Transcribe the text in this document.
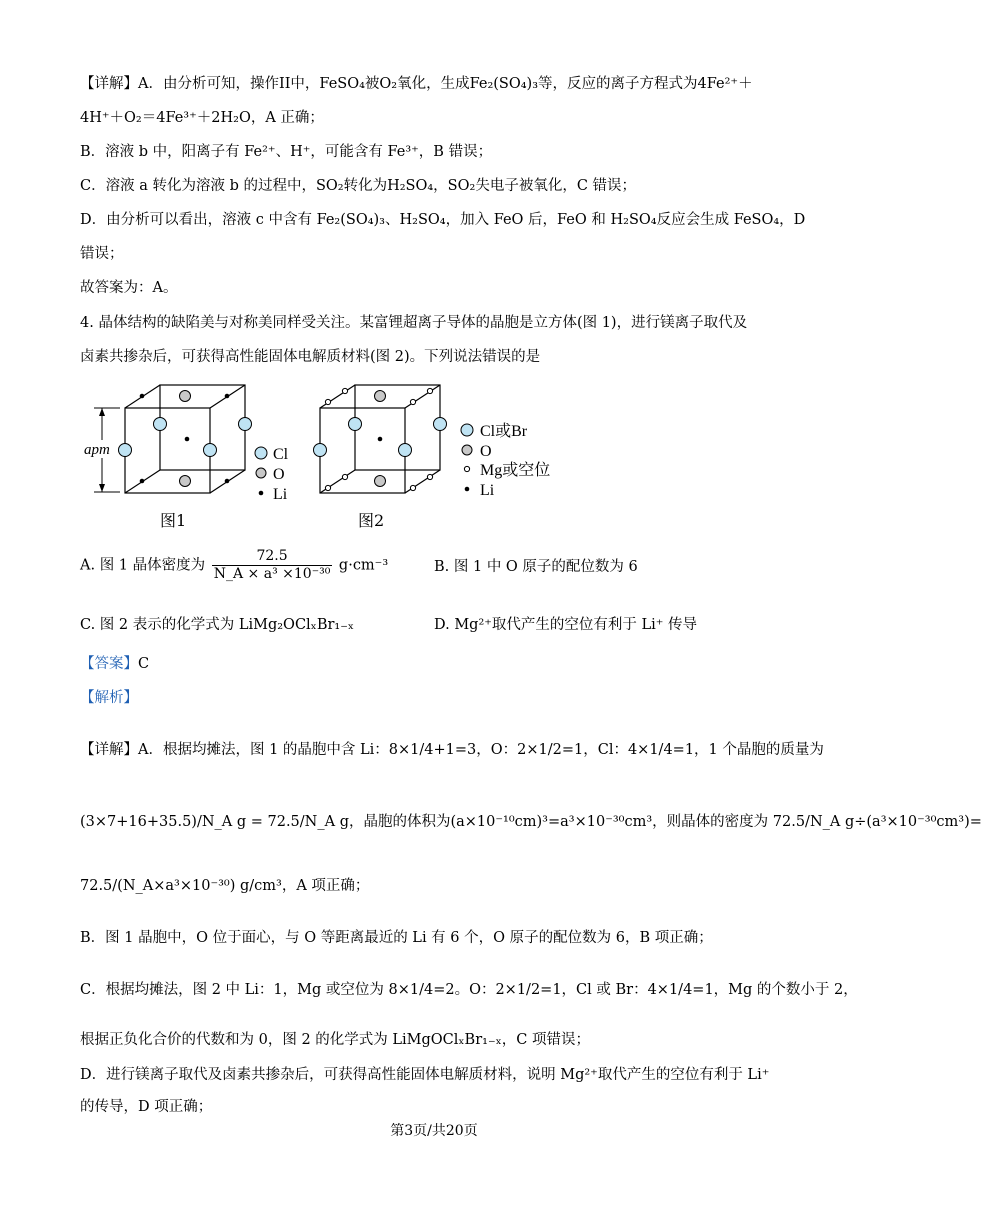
【详解】A．由分析可知，操作II中，FeSO₄被O₂氧化，生成Fe₂(SO₄)₃等，反应的离子方程式为4Fe²⁺＋
4H⁺＋O₂＝4Fe³⁺＋2H₂O，A 正确；
B．溶液 b 中，阳离子有 Fe²⁺、H⁺，可能含有 Fe³⁺，B 错误；
C．溶液 a 转化为溶液 b 的过程中，SO₂转化为H₂SO₄，SO₂失电子被氧化，C 错误；
D．由分析可以看出，溶液 c 中含有 Fe₂(SO₄)₃、H₂SO₄，加入 FeO 后，FeO 和 H₂SO₄反应会生成 FeSO₄，D
错误；
故答案为：A。
4. 晶体结构的缺陷美与对称美同样受关注。某富锂超离子导体的晶胞是立方体(图 1)，进行镁离子取代及
卤素共掺杂后，可获得高性能固体电解质材料(图 2)。下列说法错误的是
apm	Cl
O
Li
图1
Cl或Br
O
Mg或空位
Li
图2
A. 图 1 晶体密度为 $\frac{72.5}{\text{N\_A × a³ ×10⁻³⁰}} g\cdot cm^{-3}$	B. 图 1 中 O 原子的配位数为 6
C. 图 2 表示的化学式为 LiMg₂OClₓBr₁₋ₓ	D. Mg²⁺取代产生的空位有利于 Li⁺ 传导
【答案】C
【解析】
【详解】A．根据均摊法，图 1 的晶胞中含 Li：8×1/4+1=3，O：2×1/2=1，Cl：4×1/4=1，1 个晶胞的质量为
(3×7+16+35.5)/N_A g = 72.5/N_A g，晶胞的体积为(a×10⁻¹⁰cm)³=a³×10⁻³⁰cm³，则晶体的密度为 72.5/N_A g÷(a³×10⁻³⁰cm³)=
72.5/(N_A×a³×10⁻³⁰) g/cm³，A 项正确；
B．图 1 晶胞中，O 位于面心，与 O 等距离最近的 Li 有 6 个，O 原子的配位数为 6，B 项正确；
C．根据均摊法，图 2 中 Li：1，Mg 或空位为 8×1/4=2。O：2×1/2=1，Cl 或 Br：4×1/4=1，Mg 的个数小于 2，
根据正负化合价的代数和为 0，图 2 的化学式为 LiMgOClₓBr₁₋ₓ，C 项错误；
D．进行镁离子取代及卤素共掺杂后，可获得高性能固体电解质材料，说明 Mg²⁺取代产生的空位有利于 Li⁺
的传导，D 项正确；
第3页/共20页
